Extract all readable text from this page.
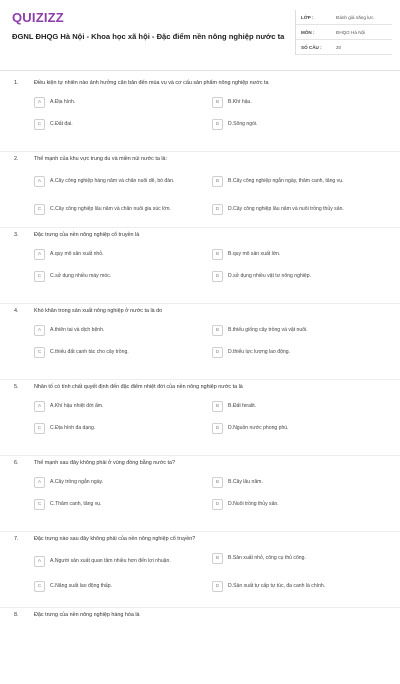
QUIZIZZ
ĐGNL ĐHQG Hà Nội - Khoa học xã hội - Đặc điểm nền nông nghiệp nước ta
LỚP :	Đánh giá năng lực
MÔN :	ĐHQG Hà Nội
SỐ CÂU :	20
1.	Điều kiện tự nhiên nào ảnh hưởng căn bản đến mùa vụ và cơ cấu sản phẩm nông nghiệp nước ta
A	A.Địa hình.	B	B.Khí hậu.
C	C.Đất đai.	D	D.Sông ngòi.
2.	Thế mạnh của khu vực trung du và miền núi nước ta là:
A	A.Cây công nghiệp hàng năm và chăn nuôi dê, bò đàn.	B	B.Cây công nghiệp ngắn ngày, thâm canh, tăng vụ.
C	C.Cây công nghiệp lâu năm và chăn nuôi gia súc lớn.	D	D.Cây công nghiệp lâu năm và nuôi trồng thủy sản.
3.	Đặc trưng của nền nông nghiệp cổ truyền là
A	A.quy mô sản xuất nhỏ.	B	B.quy mô sản xuất lớn.
C	C.sử dụng nhiều máy móc.	D	D.sử dụng nhiều vật tư nông nghiệp.
4.	Khó khăn trong sản xuất nông nghiệp ở nước ta là do
A	A.thiên tai và dịch bệnh.	B	B.thiếu giống cây trồng và vật nuôi.
C	C.thiếu đất canh tác cho cây trồng.	D	D.thiếu lực lượng lao động.
5.	Nhân tố có tính chất quyết định đến đặc điểm nhiệt đới của nền nông nghiệp nước ta là
A	A.Khí hậu nhiệt đới ẩm.	B	B.Đất feralit.
C	C.Địa hình đa dạng.	D	D.Nguồn nước phong phú.
6.	Thế mạnh sau đây không phải ở vùng đồng bằng nước ta?
A	A.Cây trồng ngắn ngày.	B	B.Cây lâu năm.
C	C.Thâm canh, tăng vụ.	D	D.Nuôi trồng thủy sản.
7.	Đặc trưng nào sau đây không phải của nền nông nghiệp cổ truyền?
A	A.Người sản xuất quan tâm nhiều hơn đến lợi nhuận.	B	B.Sản xuất nhỏ, công cụ thủ công.
C	C.Năng suất lao động thấp.	D	D.Sản xuất tự cấp tự túc, đa canh là chính.
8.	Đặc trưng của nền nông nghiệp hàng hóa là
